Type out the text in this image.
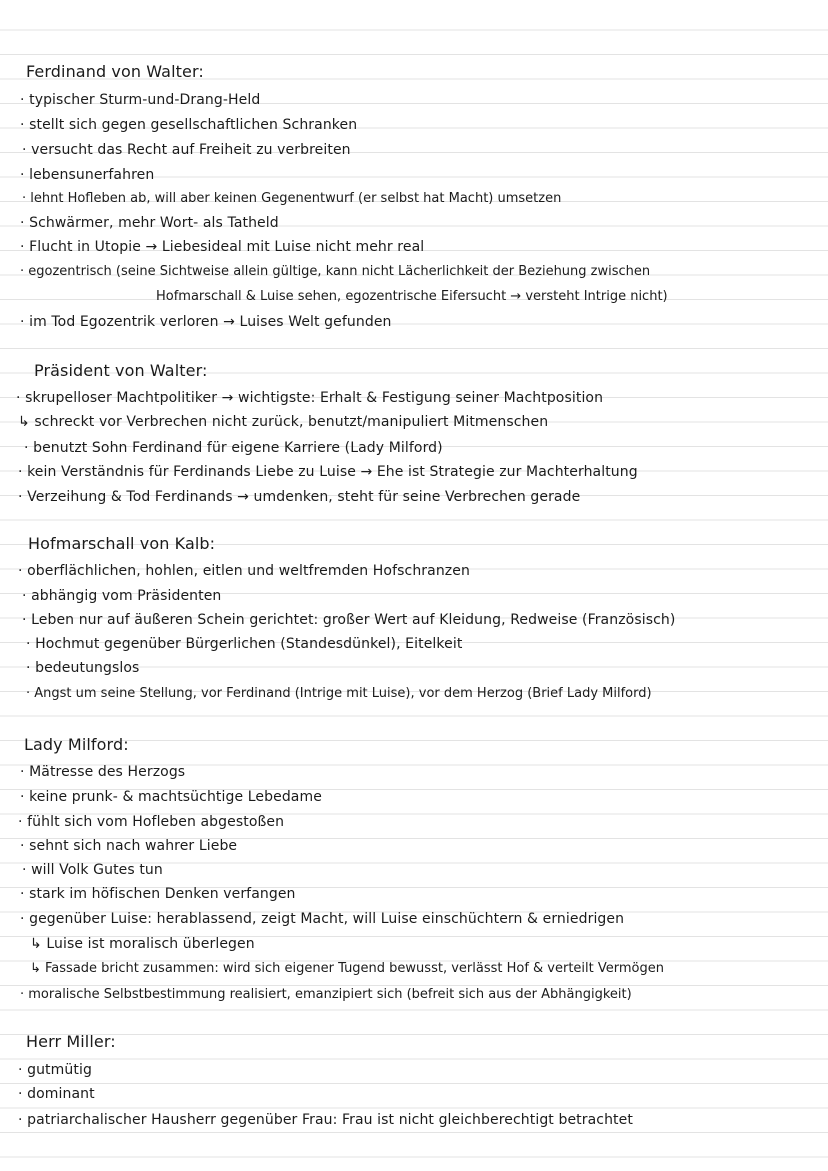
Ferdinand von Walter:
· typischer Sturm-und-Drang-Held
· stellt sich gegen gesellschaftlichen Schranken
· versucht das Recht auf Freiheit zu verbreiten
· lebensunerfahren
· lehnt Hofleben ab, will aber keinen Gegenentwurf (er selbst hat Macht) umsetzen
· Schwärmer, mehr Wort- als Tatheld
· Flucht in Utopie → Liebesideal mit Luise nicht mehr real
· egozentrisch (seine Sichtweise allein gültige, kann nicht Lächerlichkeit der Beziehung zwischen
Hofmarschall & Luise sehen, egozentrische Eifersucht → versteht Intrige nicht)
· im Tod Egozentrik verloren → Luises Welt gefunden
Präsident von Walter:
· skrupelloser Machtpolitiker → wichtigste: Erhalt & Festigung seiner Machtposition
↳ schreckt vor Verbrechen nicht zurück, benutzt/manipuliert Mitmenschen
· benutzt Sohn Ferdinand für eigene Karriere (Lady Milford)
· kein Verständnis für Ferdinands Liebe zu Luise → Ehe ist Strategie zur Machterhaltung
· Verzeihung & Tod Ferdinands → umdenken, steht für seine Verbrechen gerade
Hofmarschall von Kalb:
· oberflächlichen, hohlen, eitlen und weltfremden Hofschranzen
· abhängig vom Präsidenten
· Leben nur auf äußeren Schein gerichtet: großer Wert auf Kleidung, Redweise (Französisch)
· Hochmut gegenüber Bürgerlichen (Standesdünkel), Eitelkeit
· bedeutungslos
· Angst um seine Stellung, vor Ferdinand (Intrige mit Luise), vor dem Herzog (Brief Lady Milford)
Lady Milford:
· Mätresse des Herzogs
· keine prunk- & machtsüchtige Lebedame
· fühlt sich vom Hofleben abgestoßen
· sehnt sich nach wahrer Liebe
· will Volk Gutes tun
· stark im höfischen Denken verfangen
· gegenüber Luise: herablassend, zeigt Macht, will Luise einschüchtern & erniedrigen
↳ Luise ist moralisch überlegen
↳ Fassade bricht zusammen: wird sich eigener Tugend bewusst, verlässt Hof & verteilt Vermögen
· moralische Selbstbestimmung realisiert, emanzipiert sich (befreit sich aus der Abhängigkeit)
Herr Miller:
· gutmütig
· dominant
· patriarchalischer Hausherr gegenüber Frau: Frau ist nicht gleichberechtigt betrachtet
